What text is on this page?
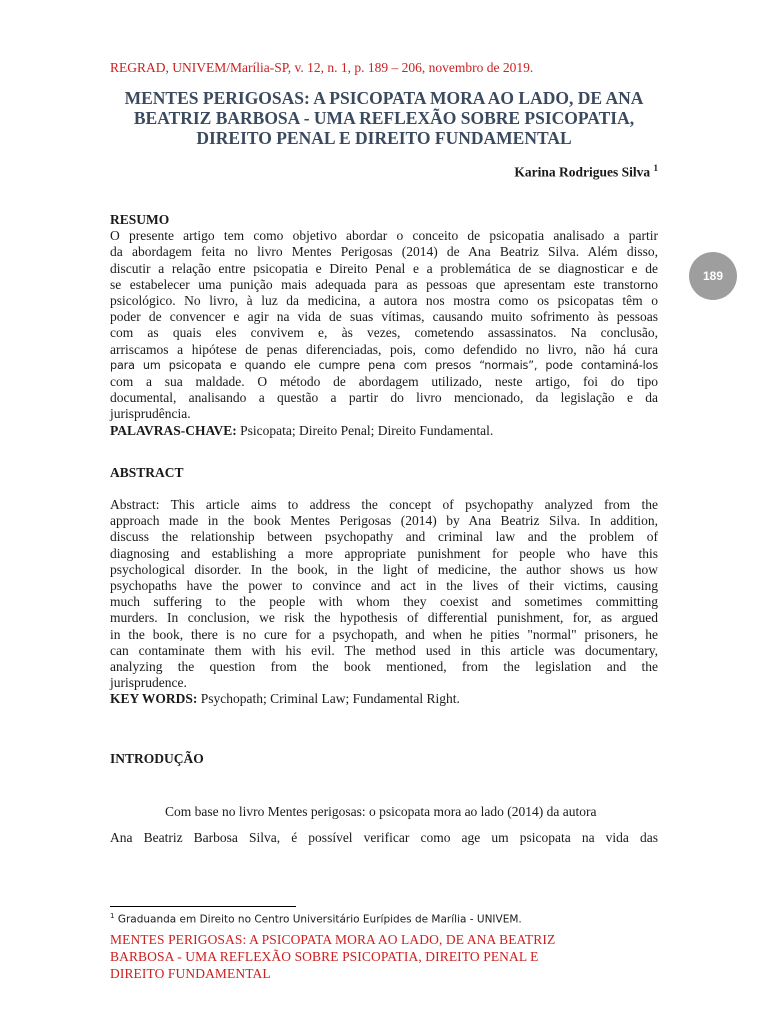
REGRAD, UNIVEM/Marília-SP, v. 12, n. 1, p. 189 – 206, novembro de 2019.
MENTES PERIGOSAS: A PSICOPATA MORA AO LADO, DE ANA
BEATRIZ BARBOSA - UMA REFLEXÃO SOBRE PSICOPATIA,
DIREITO PENAL E DIREITO FUNDAMENTAL
Karina Rodrigues Silva $^1$
189
RESUMO
O presente artigo tem como objetivo abordar o conceito de psicopatia analisado a partir
da abordagem feita no livro Mentes Perigosas (2014) de Ana Beatriz Silva. Além disso,
discutir a relação entre psicopatia e Direito Penal e a problemática de se diagnosticar e de
se estabelecer uma punição mais adequada para as pessoas que apresentam este transtorno
psicológico. No livro, à luz da medicina, a autora nos mostra como os psicopatas têm o
poder de convencer e agir na vida de suas vítimas, causando muito sofrimento às pessoas
com as quais eles convivem e, às vezes, cometendo assassinatos. Na conclusão,
arriscamos a hipótese de penas diferenciadas, pois, como defendido no livro, não há cura
para um psicopata e quando ele cumpre pena com presos “normais”, pode contaminá-los
com a sua maldade. O método de abordagem utilizado, neste artigo, foi do tipo
documental, analisando a questão a partir do livro mencionado, da legislação e da
jurisprudência.
PALAVRAS-CHAVE: Psicopata; Direito Penal; Direito Fundamental.
ABSTRACT
Abstract: This article aims to address the concept of psychopathy analyzed from the
approach made in the book Mentes Perigosas (2014) by Ana Beatriz Silva. In addition,
discuss the relationship between psychopathy and criminal law and the problem of
diagnosing and establishing a more appropriate punishment for people who have this
psychological disorder. In the book, in the light of medicine, the author shows us how
psychopaths have the power to convince and act in the lives of their victims, causing
much suffering to the people with whom they coexist and sometimes committing
murders. In conclusion, we risk the hypothesis of differential punishment, for, as argued
in the book, there is no cure for a psychopath, and when he pities "normal" prisoners, he
can contaminate them with his evil. The method used in this article was documentary,
analyzing the question from the book mentioned, from the legislation and the
jurisprudence.
KEY WORDS: Psychopath; Criminal Law; Fundamental Right.
INTRODUÇÃO
Com base no livro Mentes perigosas: o psicopata mora ao lado (2014) da autora
Ana Beatriz Barbosa Silva, é possível verificar como age um psicopata na vida das
$^1$ Graduanda em Direito no Centro Universitário Eurípides de Marília - UNIVEM.
MENTES PERIGOSAS: A PSICOPATA MORA AO LADO, DE ANA BEATRIZ
BARBOSA - UMA REFLEXÃO SOBRE PSICOPATIA, DIREITO PENAL E
DIREITO FUNDAMENTAL
